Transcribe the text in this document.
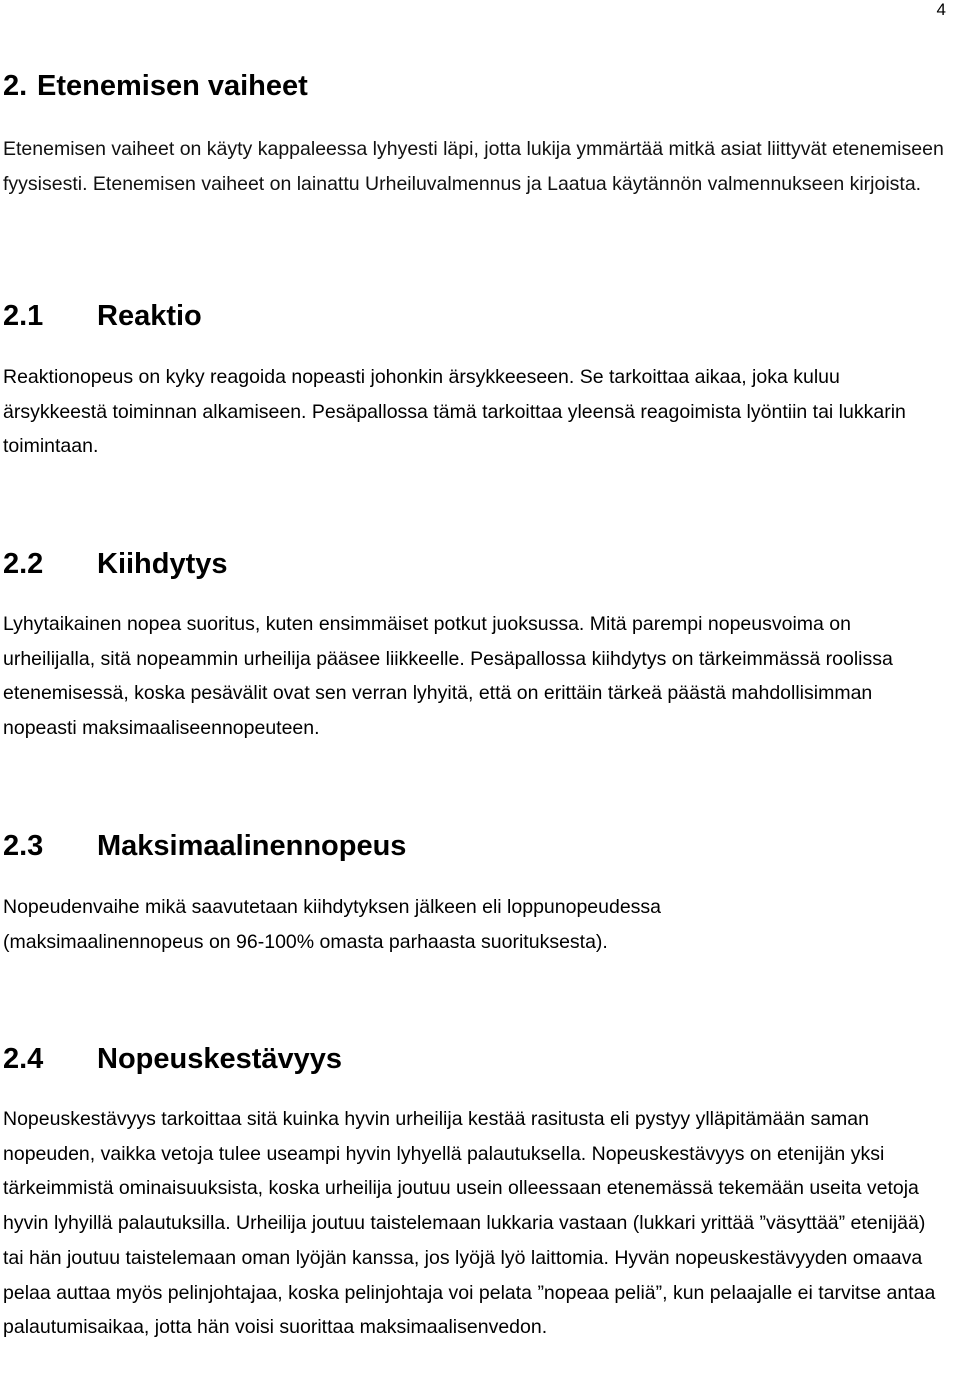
4
2. Etenemisen vaiheet

Etenemisen vaiheet on käyty kappaleessa lyhyesti läpi, jotta lukija ymmärtää mitkä asiat liittyvät etenemiseen fyysisesti. Etenemisen vaiheet on lainattu Urheiluvalmennus ja Laatua käytännön valmennukseen kirjoista.

2.1 Reaktio

Reaktionopeus on kyky reagoida nopeasti johonkin ärsykkeeseen. Se tarkoittaa aikaa, joka kuluu ärsykkeestä toiminnan alkamiseen. Pesäpallossa tämä tarkoittaa yleensä reagoimista lyöntiin tai lukkarin toimintaan.

2.2 Kiihdytys

Lyhytaikainen nopea suoritus, kuten ensimmäiset potkut juoksussa. Mitä parempi nopeusvoima on urheilijalla, sitä nopeammin urheilija pääsee liikkeelle. Pesäpallossa kiihdytys on tärkeimmässä roolissa etenemisessä, koska pesävälit ovat sen verran lyhyitä, että on erittäin tärkeä päästä mahdollisimman nopeasti maksimaaliseennopeuteen.

2.3 Maksimaalinennopeus

Nopeudenvaihe mikä saavutetaan kiihdytyksen jälkeen eli loppunopeudessa (maksimaalinennopeus on 96-100% omasta parhaasta suorituksesta).

2.4 Nopeuskestävyys

Nopeuskestävyys tarkoittaa sitä kuinka hyvin urheilija kestää rasitusta eli pystyy ylläpitämään saman nopeuden, vaikka vetoja tulee useampi hyvin lyhyellä palautuksella. Nopeuskestävyys on etenijän yksi tärkeimmistä ominaisuuksista, koska urheilija joutuu usein olleessaan etenemässä tekemään useita vetoja hyvin lyhyillä palautuksilla. Urheilija joutuu taistelemaan lukkaria vastaan (lukkari yrittää ”väsyttää” etenijää) tai hän joutuu taistelemaan oman lyöjän kanssa, jos lyöjä lyö laittomia. Hyvän nopeuskestävyyden omaava pelaa auttaa myös pelinjohtajaa, koska pelinjohtaja voi pelata ”nopeaa peliä”, kun pelaajalle ei tarvitse antaa palautumisaikaa, jotta hän voisi suorittaa maksimaalisenvedon.
